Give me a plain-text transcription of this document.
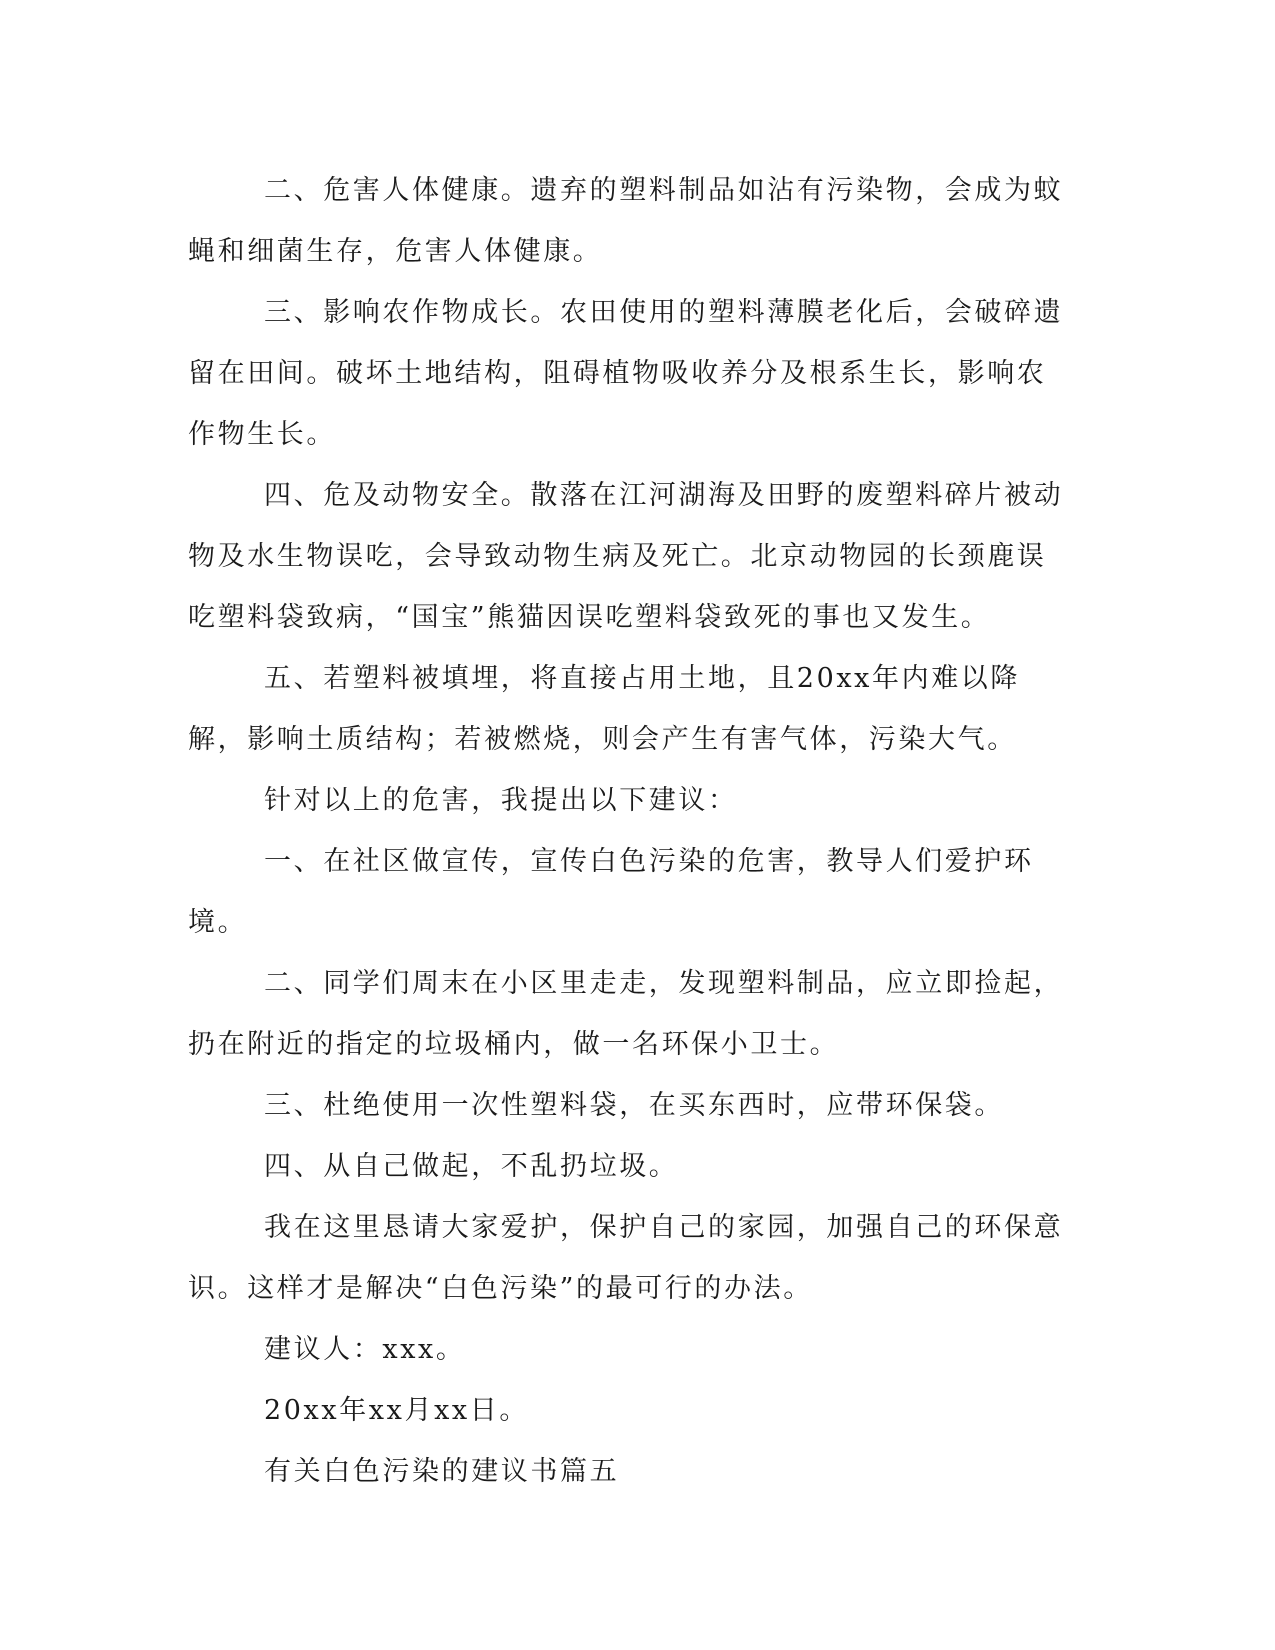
二、危害人体健康。遗弃的塑料制品如沾有污染物，会成为蚊蝇和细菌生存，危害人体健康。

三、影响农作物成长。农田使用的塑料薄膜老化后，会破碎遗留在田间。破坏土地结构，阻碍植物吸收养分及根系生长，影响农作物生长。

四、危及动物安全。散落在江河湖海及田野的废塑料碎片被动物及水生物误吃，会导致动物生病及死亡。北京动物园的长颈鹿误吃塑料袋致病，“国宝”熊猫因误吃塑料袋致死的事也又发生。

五、若塑料被填埋，将直接占用土地，且20xx年内难以降解，影响土质结构；若被燃烧，则会产生有害气体，污染大气。

针对以上的危害，我提出以下建议：

一、在社区做宣传，宣传白色污染的危害，教导人们爱护环境。

二、同学们周末在小区里走走，发现塑料制品，应立即捡起，扔在附近的指定的垃圾桶内，做一名环保小卫士。

三、杜绝使用一次性塑料袋，在买东西时，应带环保袋。

四、从自己做起，不乱扔垃圾。

我在这里恳请大家爱护，保护自己的家园，加强自己的环保意识。这样才是解决“白色污染”的最可行的办法。

建议人：xxx。

20xx年xx月xx日。

有关白色污染的建议书篇五
